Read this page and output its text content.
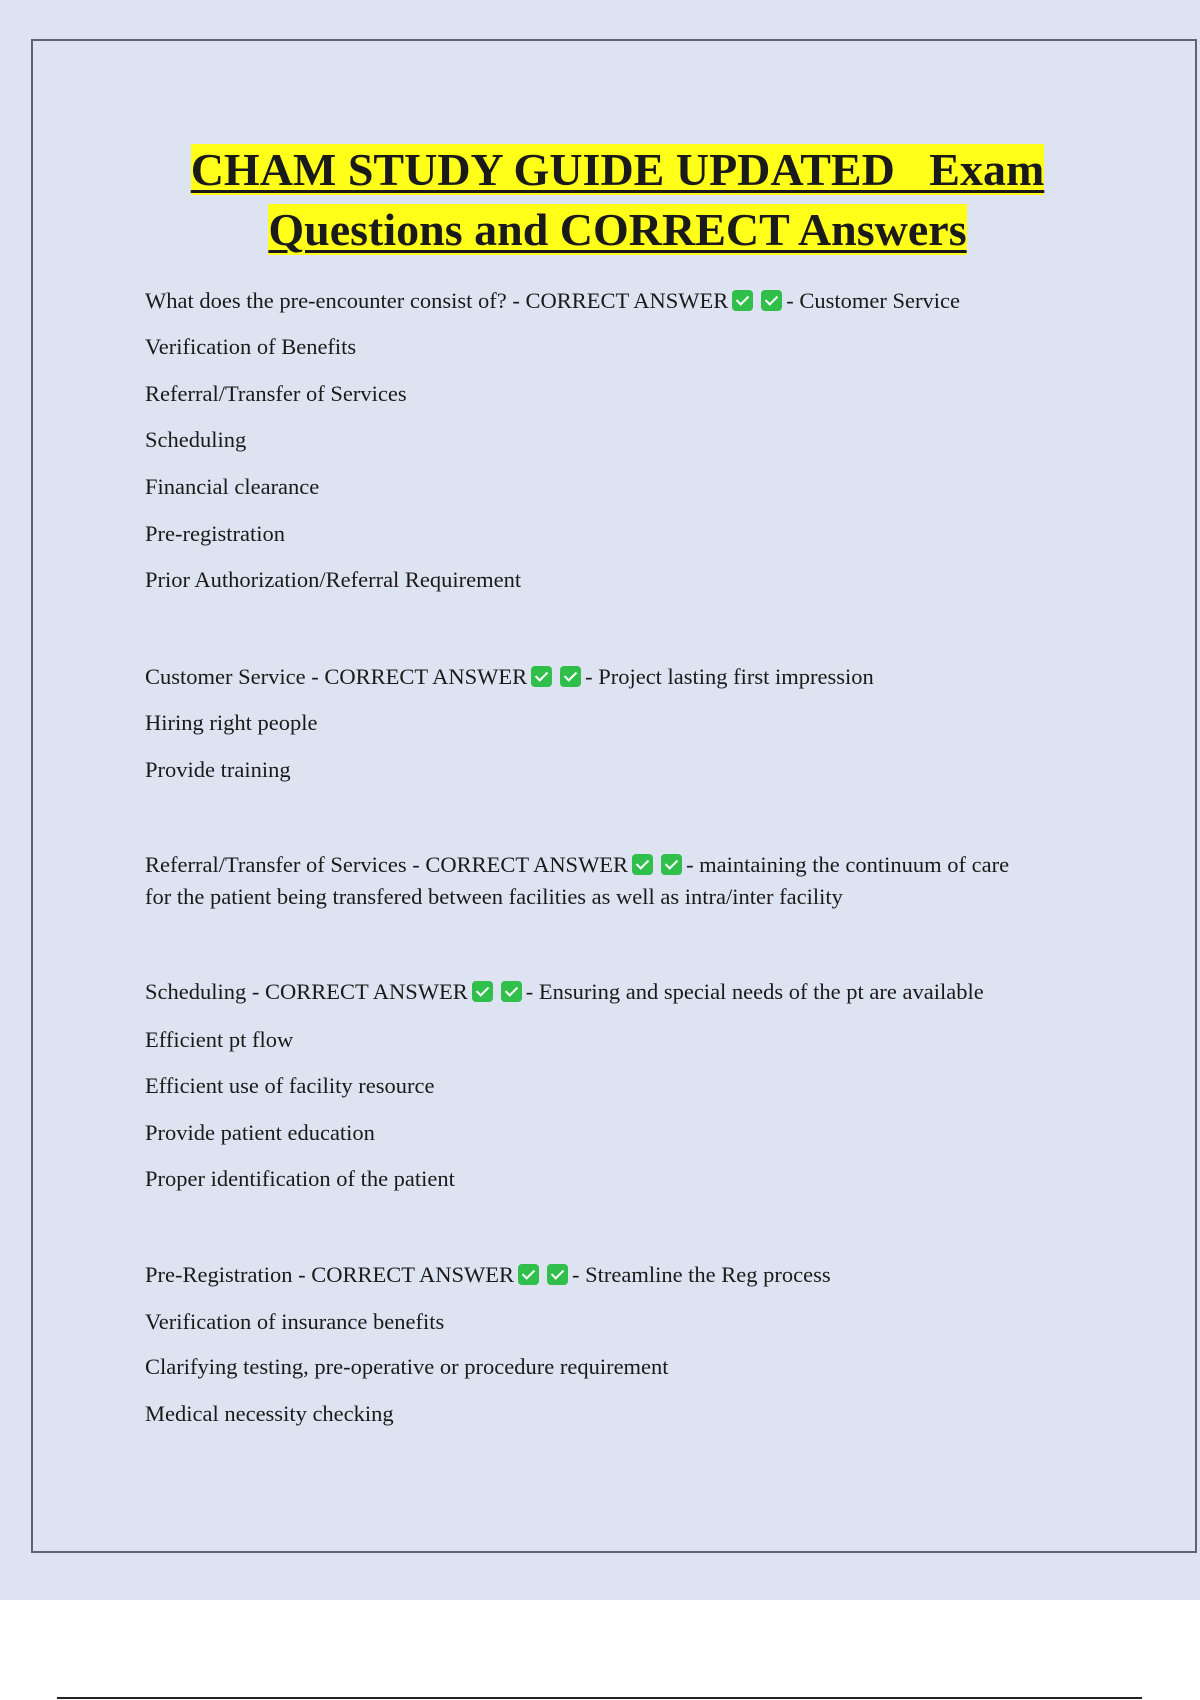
CHAM STUDY GUIDE UPDATED   Exam
Questions and CORRECT Answers
What does the pre-encounter consist of? - CORRECT ANSWER	- Customer Service
Verification of Benefits
Referral/Transfer of Services
Scheduling
Financial clearance
Pre-registration
Prior Authorization/Referral Requirement
Customer Service - CORRECT ANSWER	- Project lasting first impression
Hiring right people
Provide training
Referral/Transfer of Services - CORRECT ANSWER	- maintaining the continuum of care
for the patient being transfered between facilities as well as intra/inter facility
Scheduling - CORRECT ANSWER	- Ensuring and special needs of the pt are available
Efficient pt flow
Efficient use of facility resource
Provide patient education
Proper identification of the patient
Pre-Registration - CORRECT ANSWER	- Streamline the Reg process
Verification of insurance benefits
Clarifying testing, pre-operative or procedure requirement
Medical necessity checking
